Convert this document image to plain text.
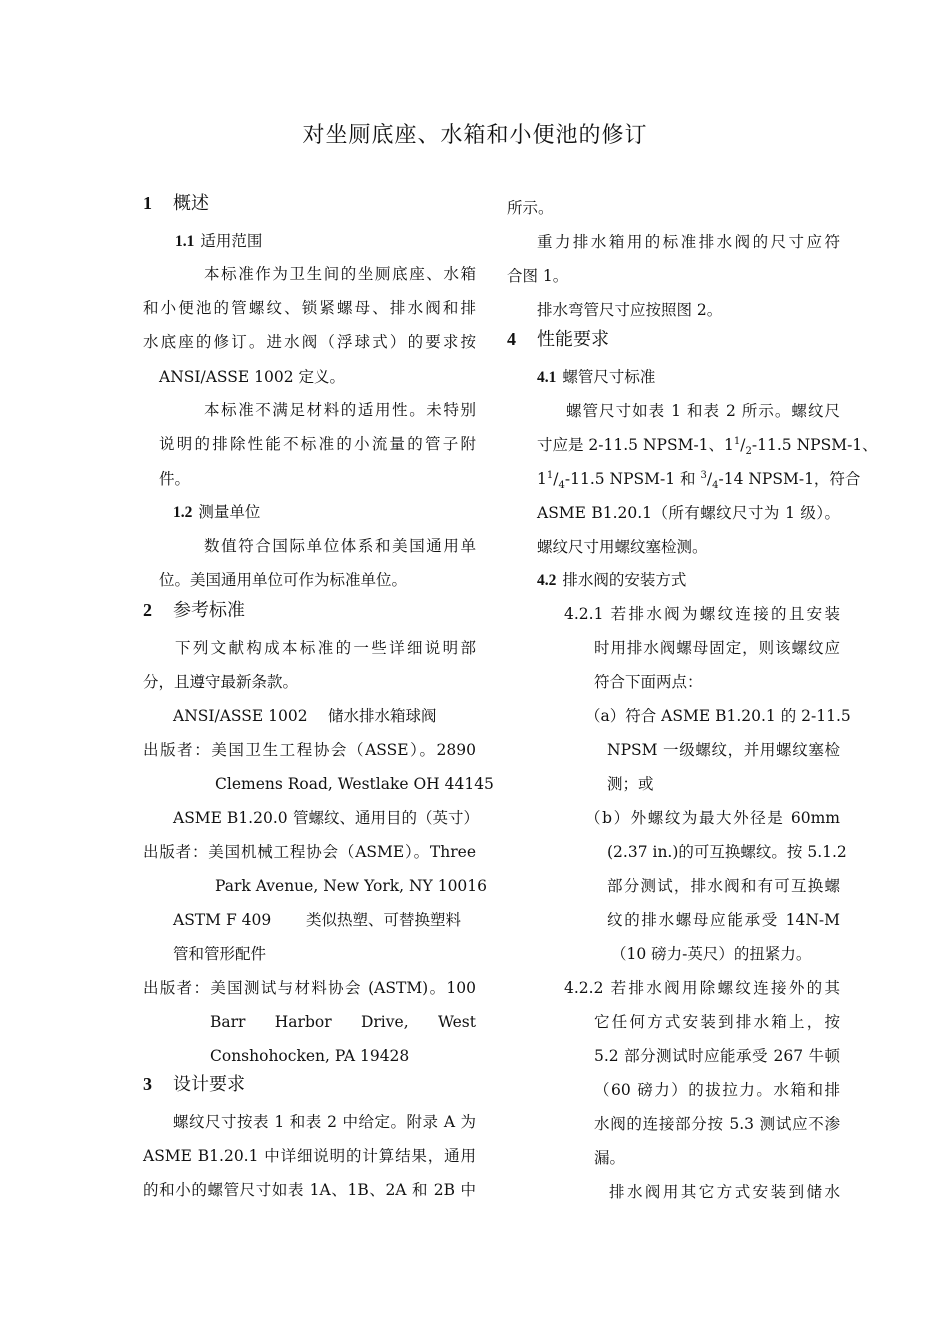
对坐厕底座、水箱和小便池的修订
1 概述
1.1 适用范围
本标准作为卫生间的坐厕底座、水箱
和小便池的管螺纹、锁紧螺母、排水阀和排
水底座的修订。进水阀（浮球式）的要求按
ANSI/ASSE 1002 定义。
本标准不满足材料的适用性。未特别
说明的排除性能不标准的小流量的管子附
件。
1.2 测量单位
数值符合国际单位体系和美国通用单
位。美国通用单位可作为标准单位。
2 参考标准
下列文献构成本标准的一些详细说明部
分，且遵守最新条款。
ANSI/ASSE 1002 储水排水箱球阀
出版者：美国卫生工程协会（ASSE）。2890
Clemens Road, Westlake OH 44145
ASME B1.20.0 管螺纹、通用目的（英寸）
出版者：美国机械工程协会（ASME）。Three
Park Avenue, New York, NY 10016
ASTM F 409 类似热塑、可替换塑料
管和管形配件
出版者：美国测试与材料协会 (ASTM)。100
Barr Harbor Drive, West
Conshohocken, PA 19428
3 设计要求
螺纹尺寸按表 1 和表 2 中给定。附录 A 为
ASME B1.20.1 中详细说明的计算结果，通用
的和小的螺管尺寸如表 1A、1B、2A 和 2B 中
所示。
重力排水箱用的标准排水阀的尺寸应符
合图 1。
排水弯管尺寸应按照图 2。
4 性能要求
4.1 螺管尺寸标准
螺管尺寸如表 1 和表 2 所示。螺纹尺
寸应是 2-11.5 NPSM-1、$1^1/_2-11.5$ NPSM-1、
$1^1/_4-11.5$ NPSM-1 和 $^3/_4-14$ NPSM-1，符合
ASME B1.20.1（所有螺纹尺寸为 1 级）。
螺纹尺寸用螺纹塞检测。
4.2 排水阀的安装方式
4.2.1 若排水阀为螺纹连接的且安装
时用排水阀螺母固定，则该螺纹应
符合下面两点：
（a）符合 ASME B1.20.1 的 2-11.5
NPSM 一级螺纹，并用螺纹塞检
测；或
（b）外螺纹为最大外径是 60mm
(2.37 in.)的可互换螺纹。按 5.1.2
部分测试，排水阀和有可互换螺
纹的排水螺母应能承受 14N-M
（10 磅力-英尺）的扭紧力。
4.2.2 若排水阀用除螺纹连接外的其
它任何方式安装到排水箱上，按
5.2 部分测试时应能承受 267 牛顿
（60 磅力）的拔拉力。水箱和排
水阀的连接部分按 5.3 测试应不渗
漏。
排水阀用其它方式安装到储水
